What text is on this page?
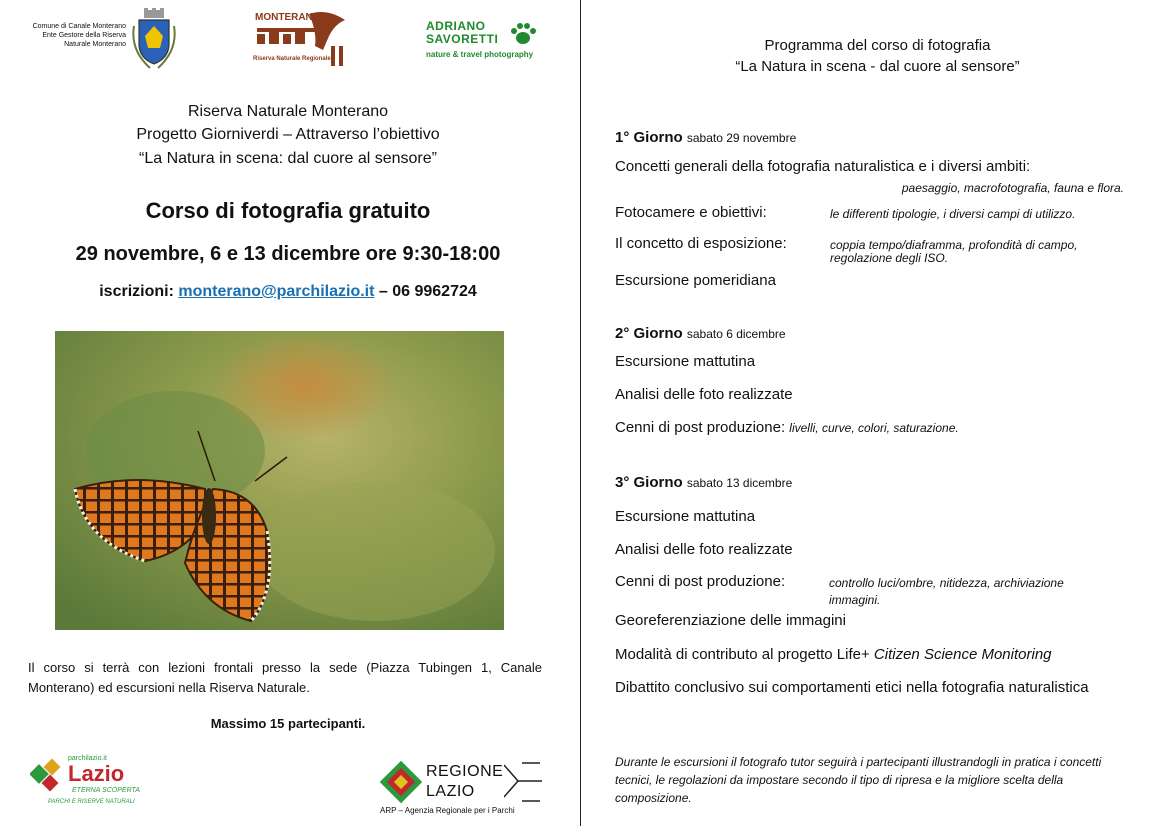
Comune di Canale Monterano
Ente Gestore della Riserva
Naturale Monterano
MONTERANO
Riserva Naturale Regionale
ADRIANO
SAVORETTI
nature & travel photography
Riserva Naturale Monterano
Progetto Giorniverdi – Attraverso l’obiettivo
“La Natura in scena: dal cuore al sensore”
Corso di fotografia gratuito
29 novembre, 6 e 13 dicembre ore 9:30-18:00
iscrizioni: monterano@parchilazio.it – 06 9962724
Il corso si terrà con lezioni frontali presso la sede (Piazza Tubingen 1, Canale Monterano) ed escursioni nella Riserva Naturale.
Massimo 15 partecipanti.
parchilazio.it
Lazio
ETERNA SCOPERTA
PARCHI E RISERVE NATURALI
REGIONE
LAZIO
ARP – Agenzia Regionale per i Parchi
Programma del corso di fotografia
“La Natura in scena - dal cuore al sensore”
1° Giorno sabato 29 novembre
Concetti generali della fotografia naturalistica e i diversi ambiti:
paesaggio, macrofotografia, fauna e flora.
Fotocamere e obiettivi:	le differenti tipologie, i diversi campi di utilizzo.
Il concetto di esposizione:	coppia tempo/diaframma, profondità di campo,
regolazione degli ISO.
Escursione pomeridiana
2° Giorno sabato 6 dicembre
Escursione mattutina
Analisi delle foto realizzate
Cenni di post produzione: livelli, curve, colori, saturazione.
3° Giorno sabato 13 dicembre
Escursione mattutina
Analisi delle foto realizzate
Cenni di post produzione:	controllo luci/ombre, nitidezza, archiviazione
immagini.
Georeferenziazione delle immagini
Modalità di contributo al progetto Life+ Citizen Science Monitoring
Dibattito conclusivo sui comportamenti etici nella fotografia naturalistica
Durante le escursioni il fotografo tutor seguirà i partecipanti illustrandogli in pratica i concetti tecnici, le regolazioni da impostare secondo il tipo di ripresa e la migliore scelta della composizione.
